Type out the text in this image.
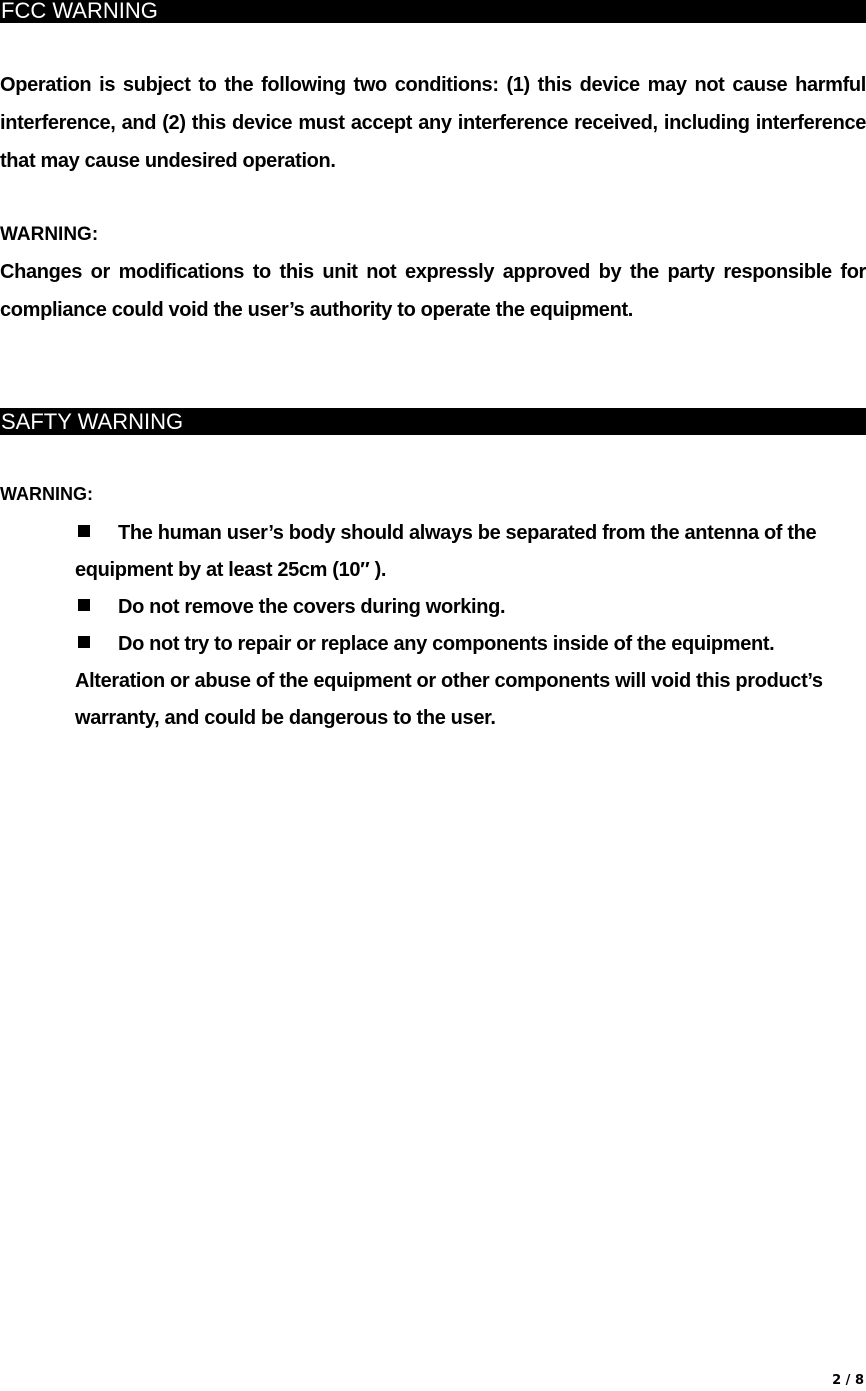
FCC WARNING

Operation is subject to the following two conditions: (1) this device may not cause harmful interference, and (2) this device must accept any interference received, including interference that may cause undesired operation.

WARNING:

Changes or modifications to this unit not expressly approved by the party responsible for compliance could void the user’s authority to operate the equipment.

SAFTY WARNING

WARNING:

The human user’s body should always be separated from the antenna of the equipment by at least 25cm (10″ ).
Do not remove the covers during working.
Do not try to repair or replace any components inside of the equipment. Alteration or abuse of the equipment or other components will void this product’s warranty, and could be dangerous to the user.
2 / 8
